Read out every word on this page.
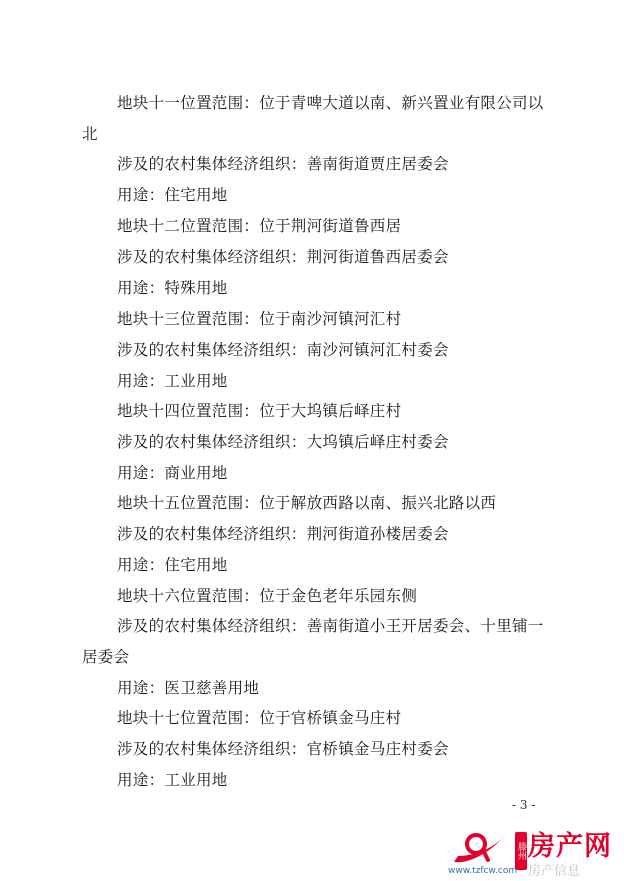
地块十一位置范围：位于青啤大道以南、新兴置业有限公司以北

涉及的农村集体经济组织：善南街道贾庄居委会

用途：住宅用地

地块十二位置范围：位于荆河街道鲁西居

涉及的农村集体经济组织：荆河街道鲁西居委会

用途：特殊用地

地块十三位置范围：位于南沙河镇河汇村

涉及的农村集体经济组织：南沙河镇河汇村委会

用途：工业用地

地块十四位置范围：位于大坞镇后峄庄村

涉及的农村集体经济组织：大坞镇后峄庄村委会

用途：商业用地

地块十五位置范围：位于解放西路以南、振兴北路以西

涉及的农村集体经济组织：荆河街道孙楼居委会

用途：住宅用地

地块十六位置范围：位于金色老年乐园东侧

涉及的农村集体经济组织：善南街道小王开居委会、十里铺一居委会

用途：医卫慈善用地

地块十七位置范围：位于官桥镇金马庄村

涉及的农村集体经济组织：官桥镇金马庄村委会

用途：工业用地

- 3 -
滕州 房产网
房产信息
www.tzfcw.com
